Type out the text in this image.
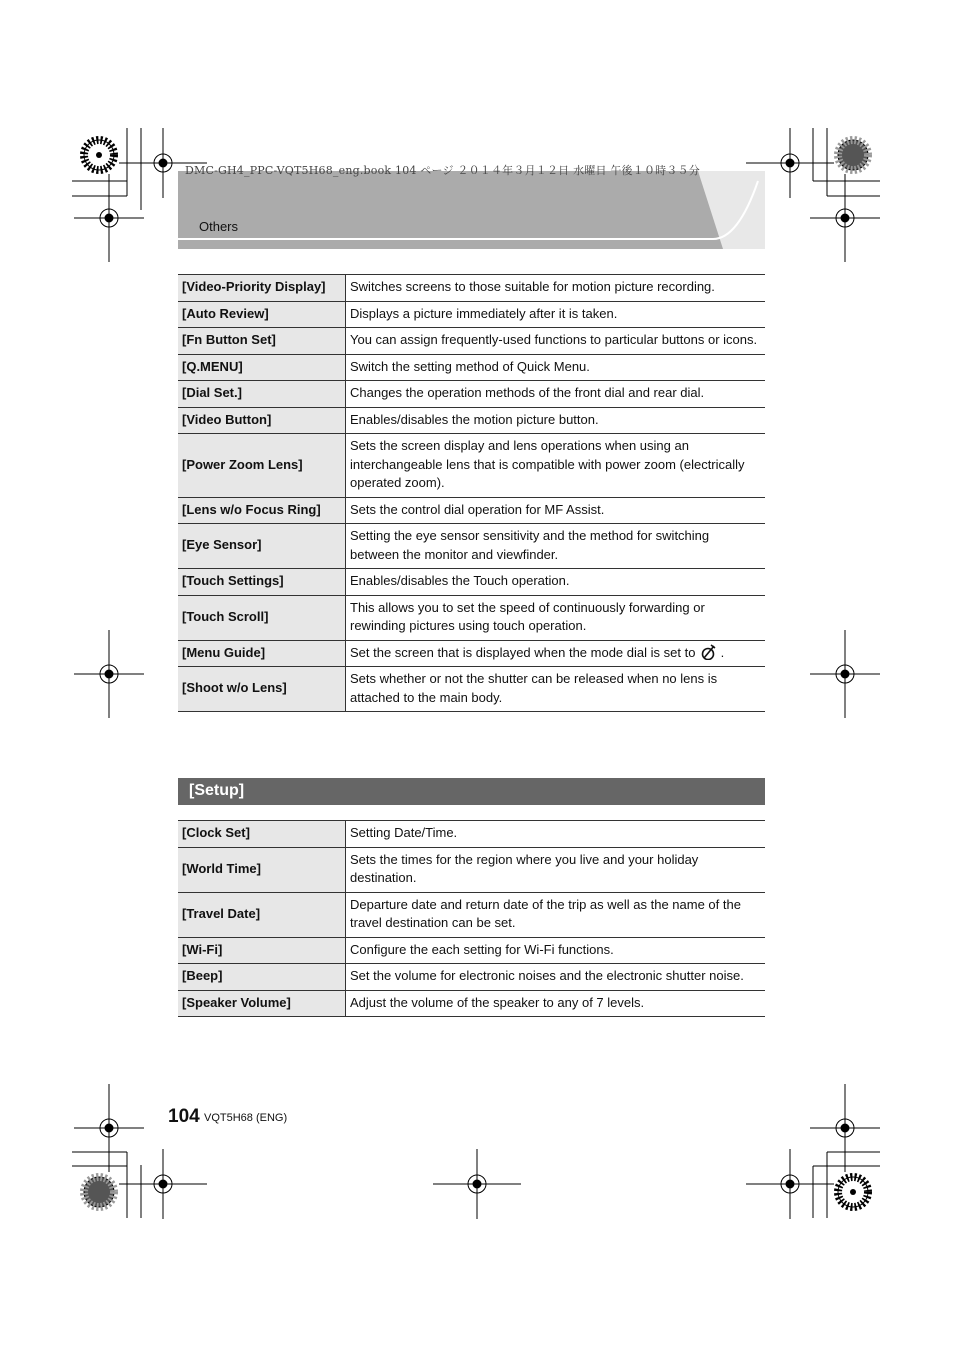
DMC-GH4_PPC-VQT5H68_eng.book 104 ページ ２０１４年３月１２日 水曜日 午後１０時３５分
Others
[Video-Priority Display]	Switches screens to those suitable for motion picture recording.
[Auto Review]	Displays a picture immediately after it is taken.
[Fn Button Set]	You can assign frequently-used functions to particular buttons or icons.
[Q.MENU]	Switch the setting method of Quick Menu.
[Dial Set.]	Changes the operation methods of the front dial and rear dial.
[Video Button]	Enables/disables the motion picture button.
[Power Zoom Lens]	Sets the screen display and lens operations when using an interchangeable lens that is compatible with power zoom (electrically operated zoom).
[Lens w/o Focus Ring]	Sets the control dial operation for MF Assist.
[Eye Sensor]	Setting the eye sensor sensitivity and the method for switching between the monitor and viewfinder.
[Touch Settings]	Enables/disables the Touch operation.
[Touch Scroll]	This allows you to set the speed of continuously forwarding or rewinding pictures using touch operation.
[Menu Guide]	Set the screen that is displayed when the mode dial is set to .
[Shoot w/o Lens]	Sets whether or not the shutter can be released when no lens is attached to the main body.
[Setup]
[Clock Set]	Setting Date/Time.
[World Time]	Sets the times for the region where you live and your holiday destination.
[Travel Date]	Departure date and return date of the trip as well as the name of the travel destination can be set.
[Wi-Fi]	Configure the each setting for Wi-Fi functions.
[Beep]	Set the volume for electronic noises and the electronic shutter noise.
[Speaker Volume]	Adjust the volume of the speaker to any of 7 levels.
104 VQT5H68 (ENG)
